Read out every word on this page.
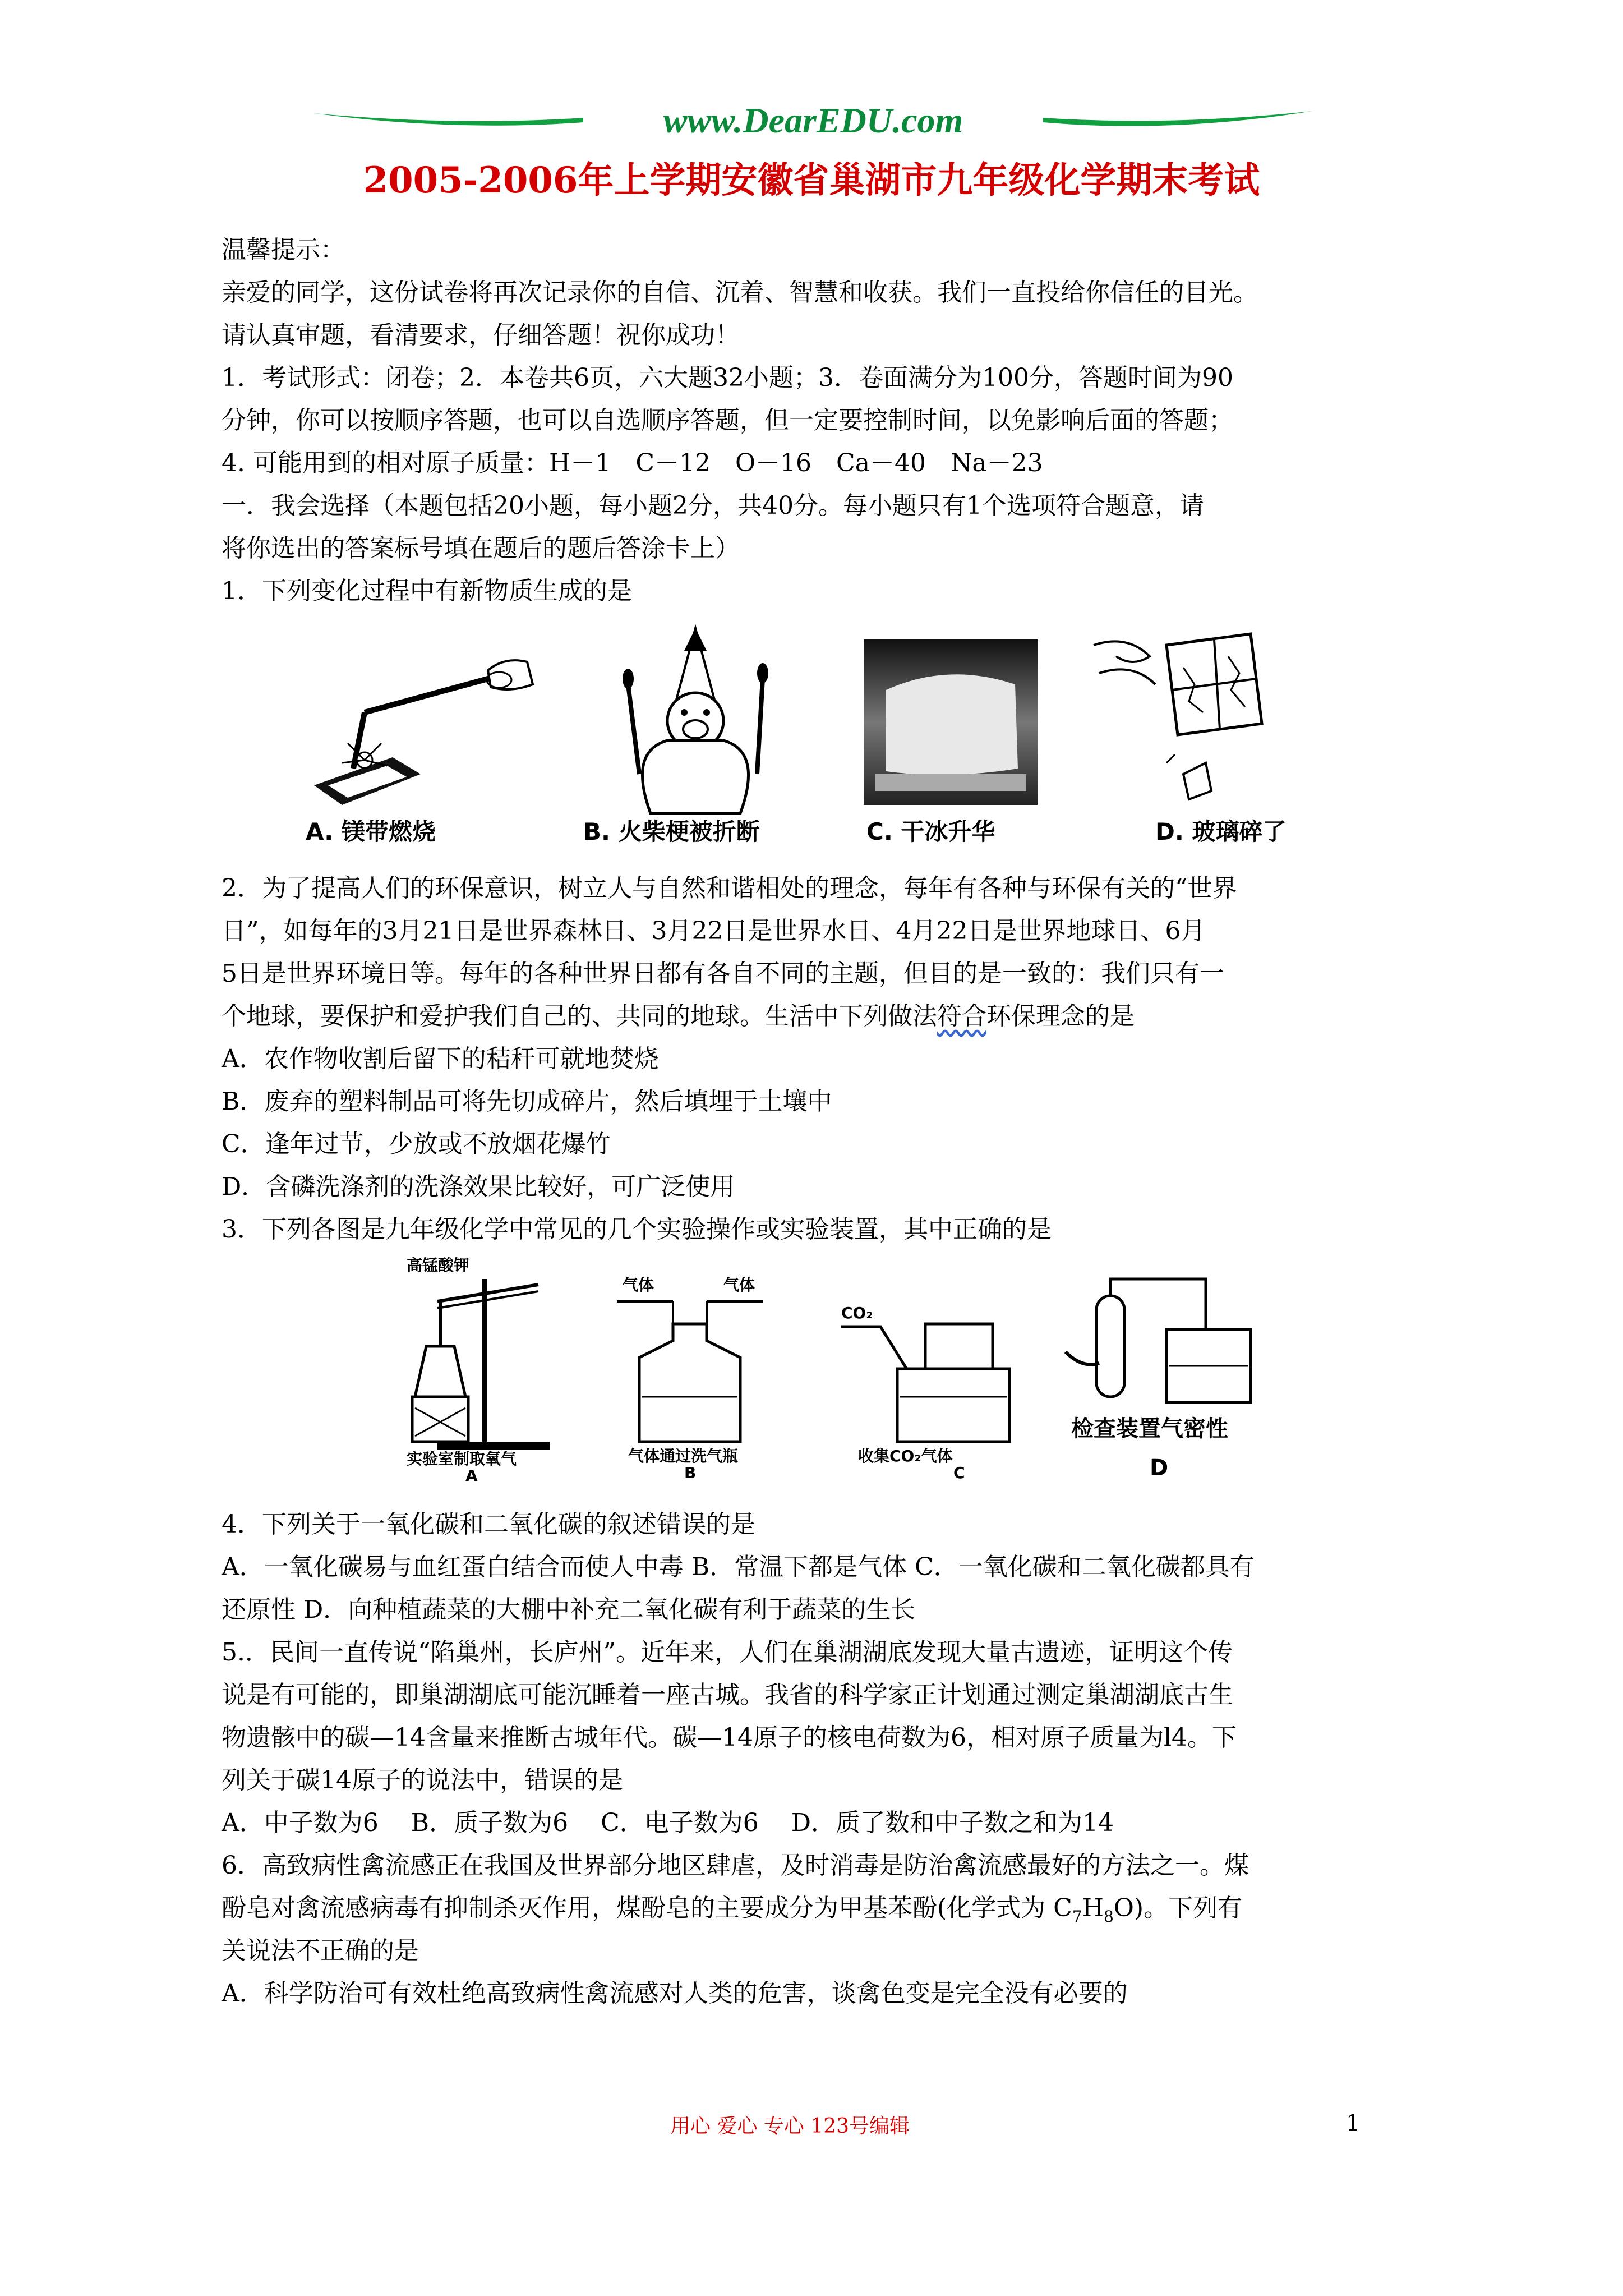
www.DearEDU.com
2005-2006年上学期安徽省巢湖市九年级化学期末考试
温馨提示：
亲爱的同学，这份试卷将再次记录你的自信、沉着、智慧和收获。我们一直投给你信任的目光。
请认真审题，看清要求，仔细答题！祝你成功！
1．考试形式：闭卷；2．本卷共6页，六大题32小题；3．卷面满分为100分，答题时间为90
分钟，你可以按顺序答题，也可以自选顺序答题，但一定要控制时间，以免影响后面的答题；
4. 可能用到的相对原子质量：H－1　C－12　O－16　Ca－40　Na－23
一．我会选择（本题包括20小题，每小题2分，共40分。每小题只有1个选项符合题意，请
将你选出的答案标号填在题后的题后答涂卡上）
1．下列变化过程中有新物质生成的是
A. 镁带燃烧	B. 火柴梗被折断	C. 干冰升华	D. 玻璃碎了
2．为了提高人们的环保意识，树立人与自然和谐相处的理念，每年有各种与环保有关的“世界
日”，如每年的3月21日是世界森林日、3月22日是世界水日、4月22日是世界地球日、6月
5日是世界环境日等。每年的各种世界日都有各自不同的主题，但目的是一致的：我们只有一
个地球，要保护和爱护我们自己的、共同的地球。生活中下列做法符合环保理念的是
A．农作物收割后留下的秸秆可就地焚烧
B．废弃的塑料制品可将先切成碎片，然后填埋于土壤中
C．逢年过节，少放或不放烟花爆竹
D．含磷洗涤剂的洗涤效果比较好，可广泛使用
3．下列各图是九年级化学中常见的几个实验操作或实验装置，其中正确的是
高锰酸钾
实验室制取氧气
A
气体	气体
气体通过洗气瓶
B
CO₂
收集CO₂气体
C
检查装置气密性
D
4．下列关于一氧化碳和二氧化碳的叙述错误的是
A．一氧化碳易与血红蛋白结合而使人中毒 B．常温下都是气体 C．一氧化碳和二氧化碳都具有
还原性 D．向种植蔬菜的大棚中补充二氧化碳有利于蔬菜的生长
5.．民间一直传说“陷巢州，长庐州”。近年来，人们在巢湖湖底发现大量古遗迹，证明这个传
说是有可能的，即巢湖湖底可能沉睡着一座古城。我省的科学家正计划通过测定巢湖湖底古生
物遗骸中的碳—14含量来推断古城年代。碳—14原子的核电荷数为6，相对原子质量为l4。下
列关于碳14原子的说法中，错误的是
A．中子数为6　 B．质子数为6　 C．电子数为6　 D．质了数和中子数之和为14
6．高致病性禽流感正在我国及世界部分地区肆虐，及时消毒是防治禽流感最好的方法之一。煤
酚皂对禽流感病毒有抑制杀灭作用，煤酚皂的主要成分为甲基苯酚(化学式为 $C_7H_8O$)。下列有
关说法不正确的是
A．科学防治可有效杜绝高致病性禽流感对人类的危害，谈禽色变是完全没有必要的
用心 爱心 专心 123号编辑	1
